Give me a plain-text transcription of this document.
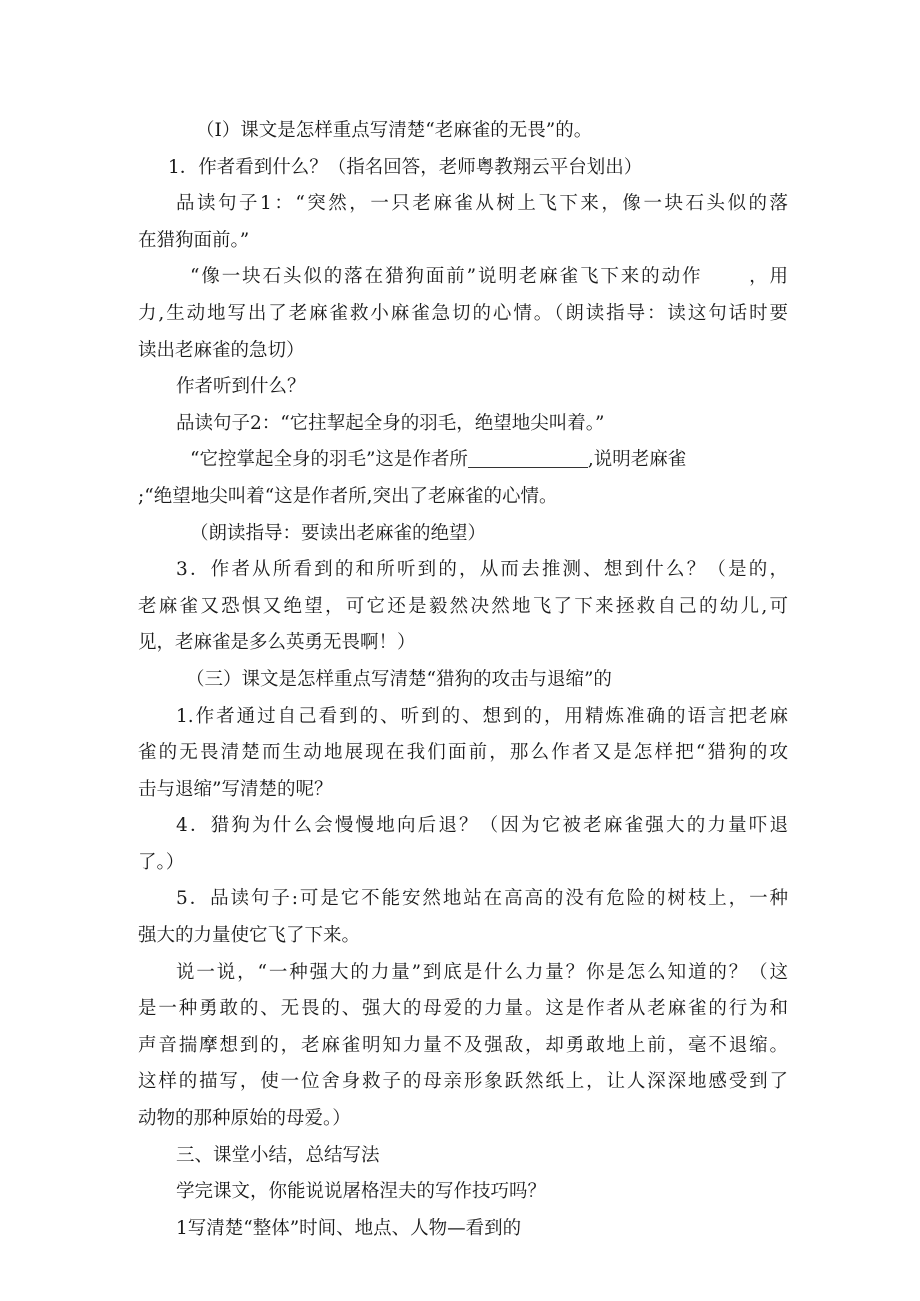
（I）课文是怎样重点写清楚“老麻雀的无畏”的。
1．作者看到什么？（指名回答，老师粤教翔云平台划出）
品读句子1：“突然，一只老麻雀从树上飞下来，像一块石头似的落
在猎狗面前。”
“像一块石头似的落在猎狗面前”说明老麻雀飞下来的动作      ，用
力,生动地写出了老麻雀救小麻雀急切的心情。（朗读指导：读这句话时要
读出老麻雀的急切）
作者听到什么？
品读句子2：“它拄挈起全身的羽毛，绝望地尖叫着。”
“它控掌起全身的羽毛”这是作者所	,说明老麻雀
;“绝望地尖叫着“这是作者所,突出了老麻雀的心情。
（朗读指导：要读出老麻雀的绝望）
3．作者从所看到的和所听到的，从而去推测、想到什么？（是的，
老麻雀又恐惧又绝望，可它还是毅然决然地飞了下来拯救自己的幼儿,可
见，老麻雀是多么英勇无畏啊！）
（三）课文是怎样重点写清楚“猎狗的攻击与退缩”的
1.作者通过自己看到的、听到的、想到的，用精炼准确的语言把老麻
雀的无畏清楚而生动地展现在我们面前，那么作者又是怎样把“猎狗的攻
击与退缩”写清楚的呢？
4．猎狗为什么会慢慢地向后退？（因为它被老麻雀强大的力量吓退
了。）
5．品读句子:可是它不能安然地站在高高的没有危险的树枝上，一种
强大的力量使它飞了下来。
说一说，“一种强大的力量”到底是什么力量？你是怎么知道的？（这
是一种勇敢的、无畏的、强大的母爱的力量。这是作者从老麻雀的行为和
声音揣摩想到的，老麻雀明知力量不及强敌，却勇敢地上前，毫不退缩。
这样的描写，使一位舍身救子的母亲形象跃然纸上，让人深深地感受到了
动物的那种原始的母爱。）
三、课堂小结，总结写法
学完课文，你能说说屠格涅夫的写作技巧吗？
1写清楚“整体”时间、地点、人物—看到的
